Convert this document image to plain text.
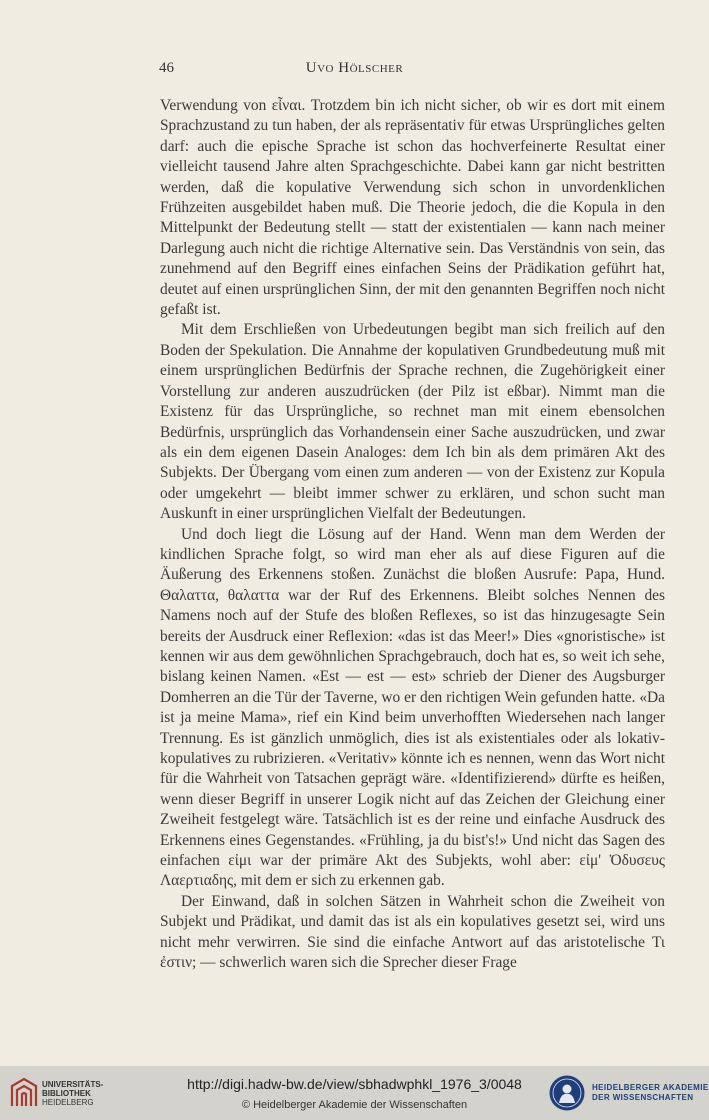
46	Uvo Hölscher

Verwendung von εἶναι. Trotzdem bin ich nicht sicher, ob wir es dort mit einem Sprachzustand zu tun haben, der als repräsentativ für etwas Ursprüngliches gelten darf: auch die epische Sprache ist schon das hochverfeinerte Resultat einer vielleicht tausend Jahre alten Sprachgeschichte. Dabei kann gar nicht bestritten werden, daß die kopulative Verwendung sich schon in unvordenklichen Frühzeiten ausgebildet haben muß. Die Theorie jedoch, die die Kopula in den Mittelpunkt der Bedeutung stellt — statt der existentialen — kann nach meiner Darlegung auch nicht die richtige Alternative sein. Das Verständnis von sein, das zunehmend auf den Begriff eines einfachen Seins der Prädikation geführt hat, deutet auf einen ursprünglichen Sinn, der mit den genannten Begriffen noch nicht gefaßt ist.

Mit dem Erschließen von Urbedeutungen begibt man sich freilich auf den Boden der Spekulation. Die Annahme der kopulativen Grundbedeutung muß mit einem ursprünglichen Bedürfnis der Sprache rechnen, die Zugehörigkeit einer Vorstellung zur anderen auszudrücken (der Pilz ist eßbar). Nimmt man die Existenz für das Ursprüngliche, so rechnet man mit einem ebensolchen Bedürfnis, ursprünglich das Vorhandensein einer Sache auszudrücken, und zwar als ein dem eigenen Dasein Analoges: dem Ich bin als dem primären Akt des Subjekts. Der Übergang vom einen zum anderen — von der Existenz zur Kopula oder umgekehrt — bleibt immer schwer zu erklären, und schon sucht man Auskunft in einer ursprünglichen Vielfalt der Bedeutungen.

Und doch liegt die Lösung auf der Hand. Wenn man dem Werden der kindlichen Sprache folgt, so wird man eher als auf diese Figuren auf die Äußerung des Erkennens stoßen. Zunächst die bloßen Ausrufe: Papa, Hund. Θαλαττα, θαλαττα war der Ruf des Erkennens. Bleibt solches Nennen des Namens noch auf der Stufe des bloßen Reflexes, so ist das hinzugesagte Sein bereits der Ausdruck einer Reflexion: «das ist das Meer!» Dies «gnoristische» ist kennen wir aus dem gewöhnlichen Sprachgebrauch, doch hat es, so weit ich sehe, bislang keinen Namen. «Est — est — est» schrieb der Diener des Augsburger Domherren an die Tür der Taverne, wo er den richtigen Wein gefunden hatte. «Da ist ja meine Mama», rief ein Kind beim unverhofften Wiedersehen nach langer Trennung. Es ist gänzlich unmöglich, dies ist als existentiales oder als lokativ-kopulatives zu rubrizieren. «Veritativ» könnte ich es nennen, wenn das Wort nicht für die Wahrheit von Tatsachen geprägt wäre. «Identifizierend» dürfte es heißen, wenn dieser Begriff in unserer Logik nicht auf das Zeichen der Gleichung einer Zweiheit festgelegt wäre. Tatsächlich ist es der reine und einfache Ausdruck des Erkennens eines Gegenstandes. «Frühling, ja du bist's!» Und nicht das Sagen des einfachen εἰμι war der primäre Akt des Subjekts, wohl aber: εἰμ' Ὀδυσευς Λαερτιαδης, mit dem er sich zu erkennen gab.

Der Einwand, daß in solchen Sätzen in Wahrheit schon die Zweiheit von Subjekt und Prädikat, und damit das ist als ein kopulatives gesetzt sei, wird uns nicht mehr verwirren. Sie sind die einfache Antwort auf das aristotelische Τι ἐστιν; — schwerlich waren sich die Sprecher dieser Frage

UNIVERSITÄTS-
BIBLIOTHEK
HEIDELBERG
http://digi.hadw-bw.de/view/sbhadwphkl_1976_3/0048
© Heidelberger Akademie der Wissenschaften
HEIDELBERGER AKADEMIE
DER WISSENSCHAFTEN
